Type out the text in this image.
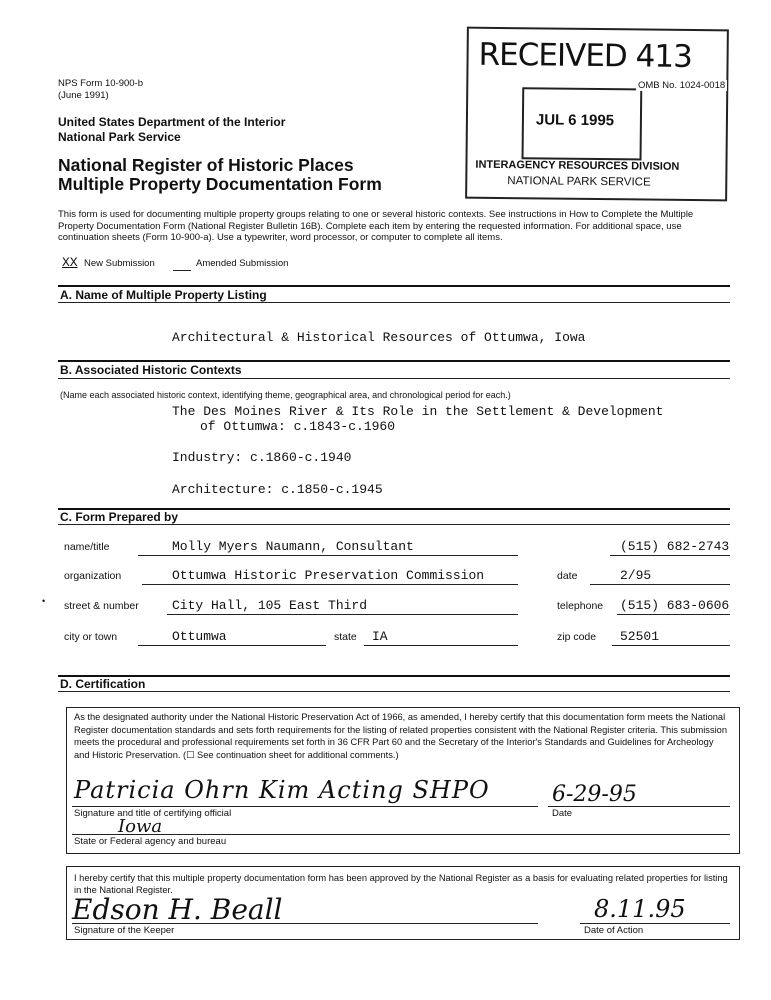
NPS Form 10-900-b
(June 1991)
United States Department of the Interior
National Park Service
National Register of Historic Places
Multiple Property Documentation Form
RECEIVED 413
JUL 6 1995
INTERAGENCY RESOURCES DIVISION
NATIONAL PARK SERVICE
OMB No. 1024-0018
This form is used for documenting multiple property groups relating to one or several historic contexts. See instructions in How to Complete the Multiple Property Documentation Form (National Register Bulletin 16B). Complete each item by entering the requested information. For additional space, use continuation sheets (Form 10-900-a). Use a typewriter, word processor, or computer to complete all items.
XX New Submission	Amended Submission
A. Name of Multiple Property Listing
Architectural & Historical Resources of Ottumwa, Iowa
B. Associated Historic Contexts
(Name each associated historic context, identifying theme, geographical area, and chronological period for each.)
The Des Moines River & Its Role in the Settlement & Development
of Ottumwa: c.1843-c.1960
Industry: c.1860-c.1940
Architecture: c.1850-c.1945
C. Form Prepared by
name/title	Molly Myers Naumann, Consultant	(515) 682-2743
organization	Ottumwa Historic Preservation Commission	date	2/95
• street & number	City Hall, 105 East Third	telephone (515) 683-0606
city or town	Ottumwa	state IA	zip code 52501
D. Certification
As the designated authority under the National Historic Preservation Act of 1966, as amended, I hereby certify that this documentation form meets the National Register documentation standards and sets forth requirements for the listing of related properties consistent with the National Register criteria. This submission meets the procedural and professional requirements set forth in 36 CFR Part 60 and the Secretary of the Interior's Standards and Guidelines for Archeology and Historic Preservation. (☐ See continuation sheet for additional comments.)
Patricia Ohrn Kim Acting SHPO
Signature and title of certifying official
6-29-95
Date
Iowa
State or Federal agency and bureau
I hereby certify that this multiple property documentation form has been approved by the National Register as a basis for evaluating related properties for listing in the National Register.
Edson H. Beall
Signature of the Keeper
8.11.95
Date of Action
